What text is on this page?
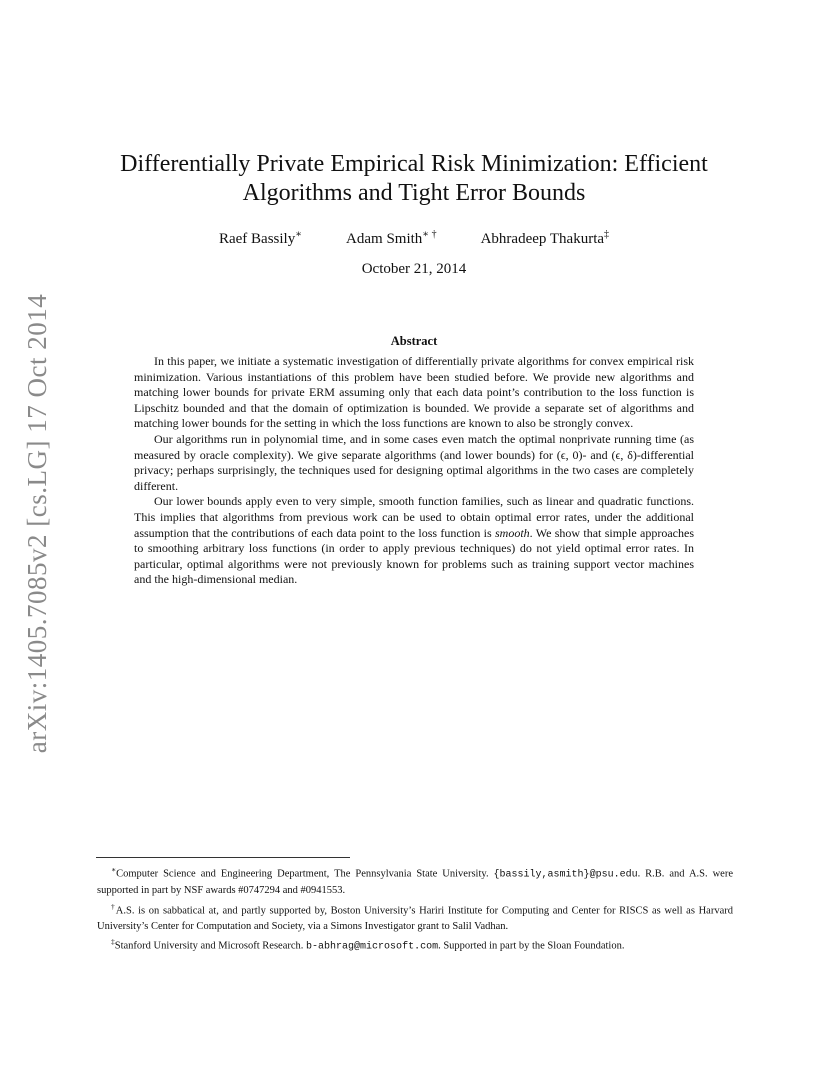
arXiv:1405.7085v2 [cs.LG] 17 Oct 2014
Differentially Private Empirical Risk Minimization: Efficient
Algorithms and Tight Error Bounds
Raef Bassily∗	Adam Smith∗ †	Abhradeep Thakurta‡
October 21, 2014
Abstract

In this paper, we initiate a systematic investigation of differentially private algorithms for convex empirical risk minimization. Various instantiations of this problem have been studied before. We provide new algorithms and matching lower bounds for private ERM assuming only that each data point’s contribution to the loss function is Lipschitz bounded and that the domain of optimization is bounded. We provide a separate set of algorithms and matching lower bounds for the setting in which the loss functions are known to also be strongly convex.

Our algorithms run in polynomial time, and in some cases even match the optimal nonprivate running time (as measured by oracle complexity). We give separate algorithms (and lower bounds) for (ϵ, 0)- and (ϵ, δ)-differential privacy; perhaps surprisingly, the techniques used for designing optimal algorithms in the two cases are completely different.

Our lower bounds apply even to very simple, smooth function families, such as linear and quadratic functions. This implies that algorithms from previous work can be used to obtain optimal error rates, under the additional assumption that the contributions of each data point to the loss function is smooth. We show that simple approaches to smoothing arbitrary loss functions (in order to apply previous techniques) do not yield optimal error rates. In particular, optimal algorithms were not previously known for problems such as training support vector machines and the high-dimensional median.

∗Computer Science and Engineering Department, The Pennsylvania State University. {bassily,asmith}@psu.edu. R.B. and A.S. were supported in part by NSF awards #0747294 and #0941553.

†A.S. is on sabbatical at, and partly supported by, Boston University’s Hariri Institute for Computing and Center for RISCS as well as Harvard University’s Center for Computation and Society, via a Simons Investigator grant to Salil Vadhan.

‡Stanford University and Microsoft Research. b-abhrag@microsoft.com. Supported in part by the Sloan Foundation.
